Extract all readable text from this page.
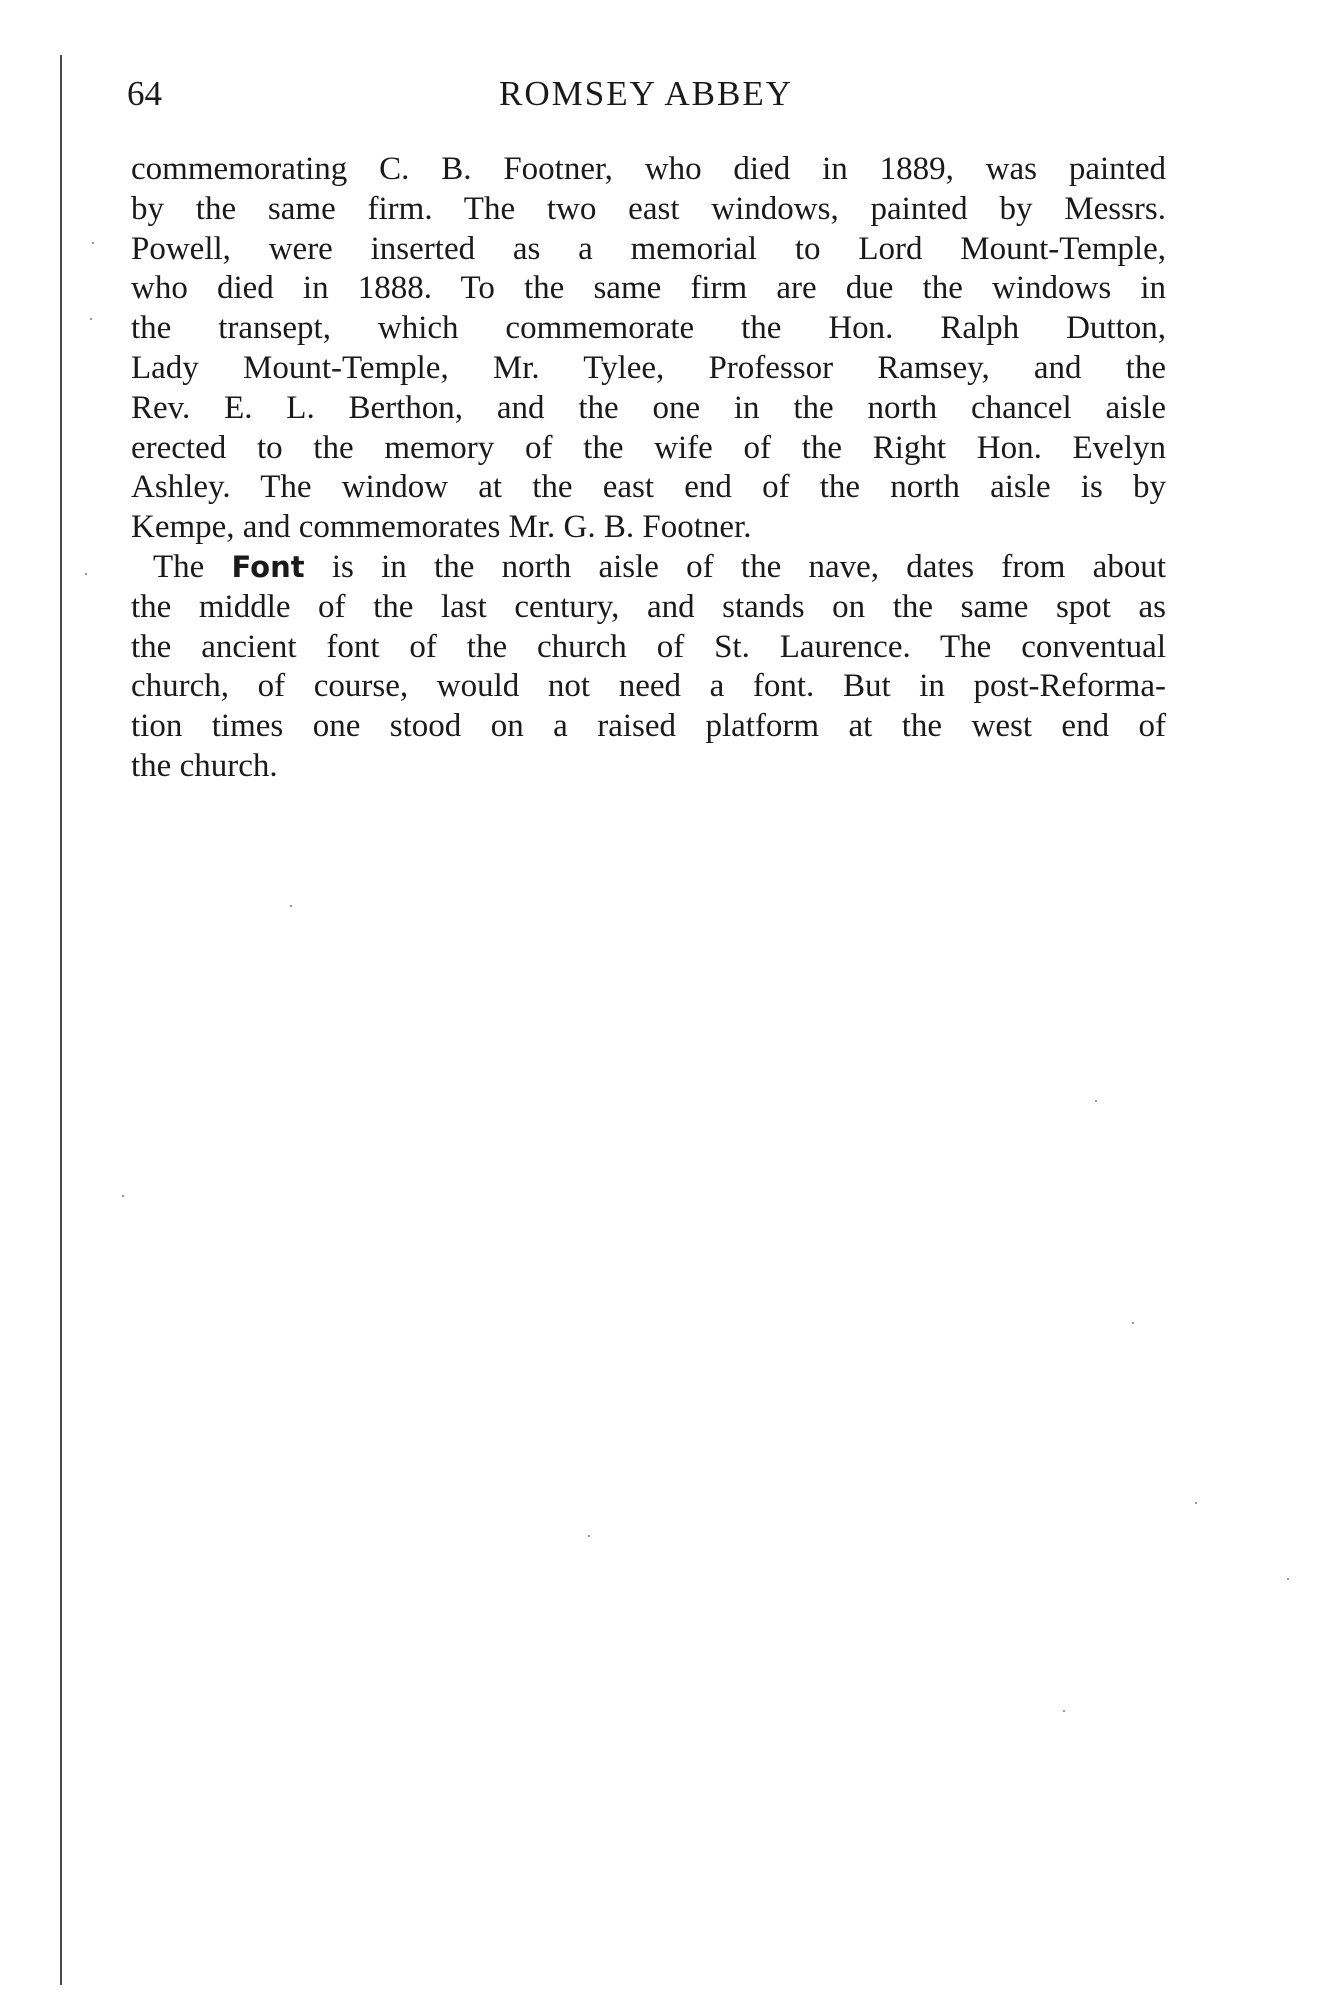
64	ROMSEY ABBEY
commemorating C. B. Footner, who died in 1889, was painted
by the same firm. The two east windows, painted by Messrs.
Powell, were inserted as a memorial to Lord Mount-Temple,
who died in 1888. To the same firm are due the windows in
the transept, which commemorate the Hon. Ralph Dutton,
Lady Mount-Temple, Mr. Tylee, Professor Ramsey, and the
Rev. E. L. Berthon, and the one in the north chancel aisle
erected to the memory of the wife of the Right Hon. Evelyn
Ashley. The window at the east end of the north aisle is by
Kempe, and commemorates Mr. G. B. Footner.
The Font is in the north aisle of the nave, dates from about
the middle of the last century, and stands on the same spot as
the ancient font of the church of St. Laurence. The conventual
church, of course, would not need a font. But in post-Reforma-
tion times one stood on a raised platform at the west end of
the church.
